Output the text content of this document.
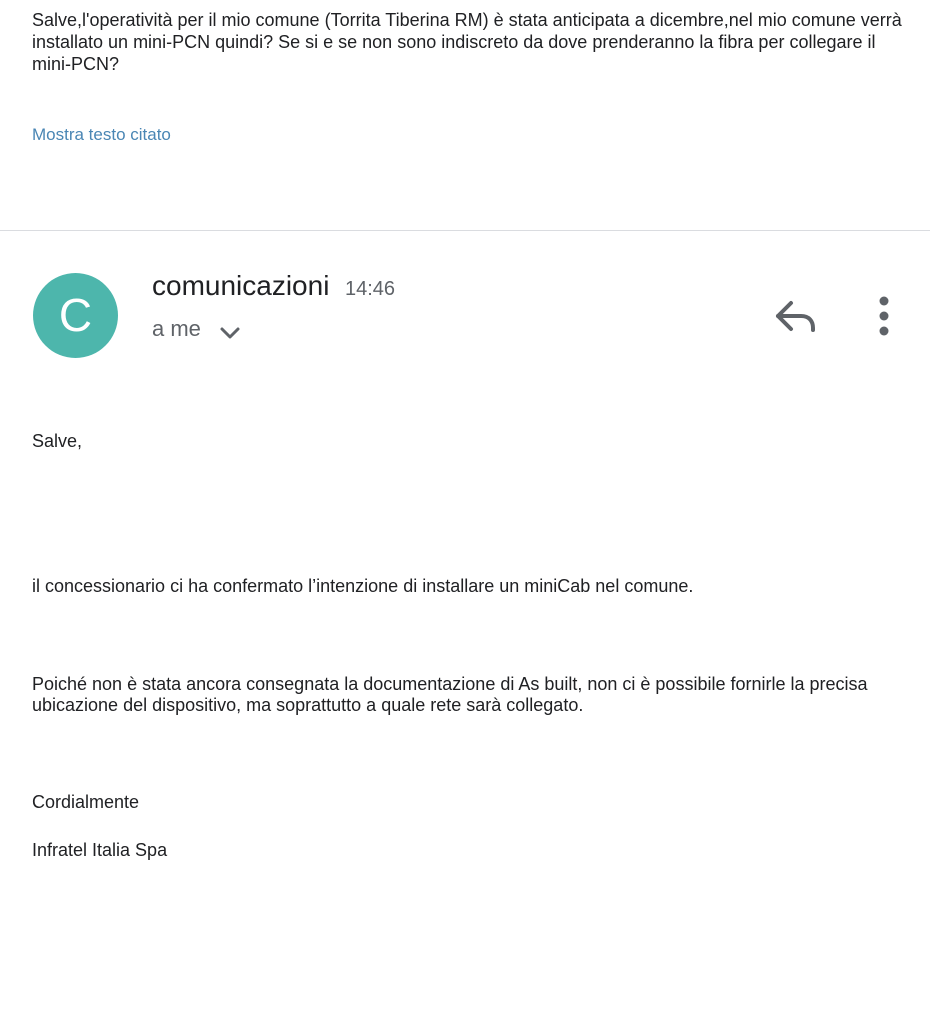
Salve,l'operatività per il mio comune (Torrita Tiberina RM) è stata anticipata a dicembre,nel mio comune verrà installato un mini-PCN quindi? Se si e se non sono indiscreto da dove prenderanno la fibra per collegare il mini-PCN?
Mostra testo citato
C
comunicazioni 14:46
a me
Salve,
il concessionario ci ha confermato l’intenzione di installare un miniCab nel comune.
Poiché non è stata ancora consegnata la documentazione di As built, non ci è possibile fornirle la precisa ubicazione del dispositivo, ma soprattutto a quale rete sarà collegato.
Cordialmente
Infratel Italia Spa
